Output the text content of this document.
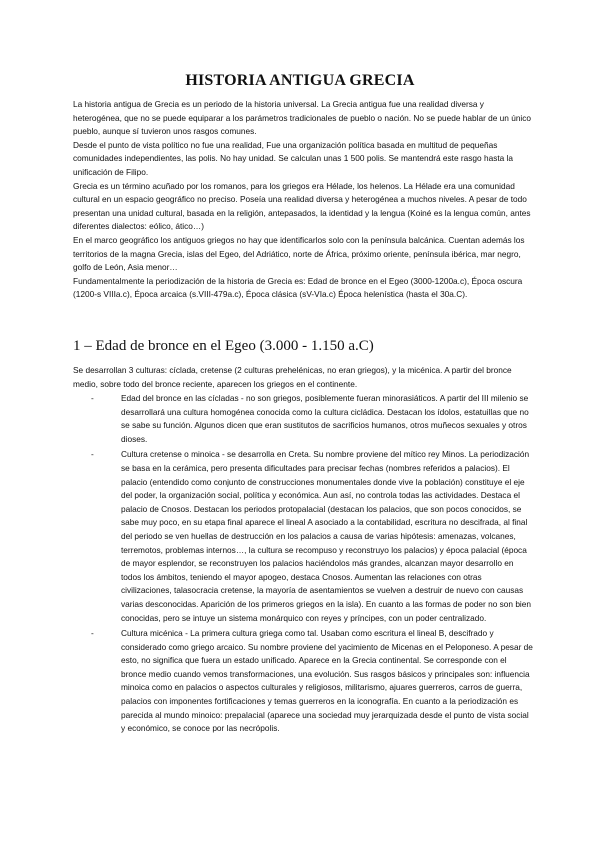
HISTORIA ANTIGUA GRECIA

La historia antigua de Grecia es un periodo de la historia universal. La Grecia antigua fue una realidad diversa y heterogénea, que no se puede equiparar a los parámetros tradicionales de pueblo o nación. No se puede hablar de un único pueblo, aunque sí tuvieron unos rasgos comunes.

Desde el punto de vista político no fue una realidad, Fue una organización política basada en multitud de pequeñas comunidades independientes, las polis. No hay unidad. Se calculan unas 1 500 polis. Se mantendrá este rasgo hasta la unificación de Filipo.

Grecia es un término acuñado por los romanos, para los griegos era Hélade, los helenos. La Hélade era una comunidad cultural en un espacio geográfico no preciso. Poseía una realidad diversa y heterogénea a muchos niveles. A pesar de todo presentan una unidad cultural, basada en la religión, antepasados, la identidad y la lengua (Koiné es la lengua común, antes diferentes dialectos: eólico, ático…)

En el marco geográfico los antiguos griegos no hay que identificarlos solo con la península balcánica. Cuentan además los territorios de la magna Grecia, islas del Egeo, del Adriático, norte de África, próximo oriente, península ibérica, mar negro, golfo de León, Asia menor…

Fundamentalmente la periodización de la historia de Grecia es: Edad de bronce en el Egeo (3000-1200a.c), Época oscura (1200-s VIIIa.c), Época arcaica (s.VIII-479a.c), Época clásica (sV-VIa.c) Época helenística (hasta el 30a.C).

1 – Edad de bronce en el Egeo (3.000 - 1.150 a.C)

Se desarrollan 3 culturas: cíclada, cretense (2 culturas prehelénicas, no eran griegos), y la micénica. A partir del bronce medio, sobre todo del bronce reciente, aparecen los griegos en el continente.

-	Edad del bronce en las cícladas - no son griegos, posiblemente fueran minorasiáticos. A partir del III milenio se desarrollará una cultura homogénea conocida como la cultura cicládica. Destacan los ídolos, estatuillas que no se sabe su función. Algunos dicen que eran sustitutos de sacrificios humanos, otros muñecos sexuales y otros dioses.
-	Cultura cretense o minoica - se desarrolla en Creta. Su nombre proviene del mítico rey Minos. La periodización se basa en la cerámica, pero presenta dificultades para precisar fechas (nombres referidos a palacios). El palacio (entendido como conjunto de construcciones monumentales donde vive la población) constituye el eje del poder, la organización social, política y económica. Aun así, no controla todas las actividades. Destaca el palacio de Cnosos. Destacan los periodos protopalacial (destacan los palacios, que son pocos conocidos, se sabe muy poco, en su etapa final aparece el lineal A asociado a la contabilidad, escritura no descifrada, al final del periodo se ven huellas de destrucción en los palacios a causa de varias hipótesis: amenazas, volcanes, terremotos, problemas internos…, la cultura se recompuso y reconstruyo los palacios) y época palacial (época de mayor esplendor, se reconstruyen los palacios haciéndolos más grandes, alcanzan mayor desarrollo en todos los ámbitos, teniendo el mayor apogeo, destaca Cnosos. Aumentan las relaciones con otras civilizaciones, talasocracia cretense, la mayoría de asentamientos se vuelven a destruir de nuevo con causas varias desconocidas. Aparición de los primeros griegos en la isla). En cuanto a las formas de poder no son bien conocidas, pero se intuye un sistema monárquico con reyes y príncipes, con un poder centralizado.
-	Cultura micénica - La primera cultura griega como tal. Usaban como escritura el lineal B, descifrado y considerado como griego arcaico. Su nombre proviene del yacimiento de Micenas en el Peloponeso. A pesar de esto, no significa que fuera un estado unificado. Aparece en la Grecia continental. Se corresponde con el bronce medio cuando vemos transformaciones, una evolución. Sus rasgos básicos y principales son: influencia minoica como en palacios o aspectos culturales y religiosos, militarismo, ajuares guerreros, carros de guerra, palacios con imponentes fortificaciones y temas guerreros en la iconografía. En cuanto a la periodización es parecida al mundo minoico: prepalacial (aparece una sociedad muy jerarquizada desde el punto de vista social y económico, se conoce por las necrópolis.
